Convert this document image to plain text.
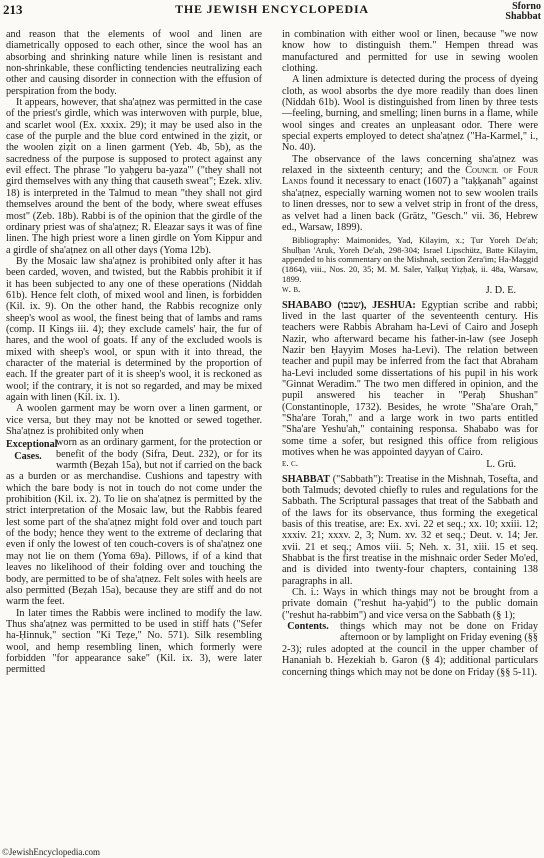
213	THE JEWISH ENCYCLOPEDIA	Sforno
Shabbat

and reason that the elements of wool and linen are diametrically opposed to each other, since the wool has an absorbing and shrinking nature while linen is resistant and non-shrinkable, these conflicting tendencies neutralizing each other and causing disorder in connection with the effusion of perspiration from the body.

It appears, however, that sha'aṭnez was permitted in the case of the priest's girdle, which was interwoven with purple, blue, and scarlet wool (Ex. xxxix. 29); it may be used also in the case of the purple and the blue cord entwined in the ẓiẓit, or the woolen ẓiẓit on a linen garment (Yeb. 4b, 5b), as the sacredness of the purpose is supposed to protect against any evil effect. The phrase "lo yaḥgeru ba-yaza'" ("they shall not gird themselves with any thing that causeth sweat"; Ezek. xliv. 18) is interpreted in the Talmud to mean "they shall not gird themselves around the bent of the body, where sweat effuses most" (Zeb. 18b). Rabbi is of the opinion that the girdle of the ordinary priest was of sha'aṭnez; R. Eleazar says it was of fine linen. The high priest wore a linen girdle on Yom Kippur and a girdle of sha'aṭnez on all other days (Yoma 12b).

By the Mosaic law sha'aṭnez is prohibited only after it has been carded, woven, and twisted, but the Rabbis prohibit it if it has been subjected to any one of these operations (Niddah 61b). Hence felt cloth, of mixed wool and linen, is forbidden (Kil. ix. 9). On the other hand, the Rabbis recognize only sheep's wool as wool, the finest being that of lambs and rams (comp. II Kings iii. 4); they exclude camels' hair, the fur of hares, and the wool of goats. If any of the excluded wools is mixed with sheep's wool, or spun with it into thread, the character of the material is determined by the proportion of each. If the greater part of it is sheep's wool, it is reckoned as wool; if the contrary, it is not so regarded, and may be mixed again with linen (Kil. ix. 1).

A woolen garment may be worn over a linen garment, or vice versa, but they may not be knotted or sewed together. Sha'aṭnez is prohibited only when

Exceptional Cases.
worn as an ordinary garment, for the protection or benefit of the body (Sifra, Deut. 232), or for its warmth (Beẓah 15a), but not if carried on the back as a burden or as merchandise. Cushions and tapestry with which the bare body is not in touch do not come under the prohibition (Kil. ix. 2). To lie on sha'aṭnez is permitted by the strict interpretation of the Mosaic law, but the Rabbis feared lest some part of the sha'aṭnez might fold over and touch part of the body; hence they went to the extreme of declaring that even if only the lowest of ten couch-covers is of sha'aṭnez one may not lie on them (Yoma 69a). Pillows, if of a kind that leaves no likelihood of their folding over and touching the body, are permitted to be of sha'aṭnez. Felt soles with heels are also permitted (Beẓah 15a), because they are stiff and do not warm the feet.

In later times the Rabbis were inclined to modify the law. Thus sha'aṭnez was permitted to be used in stiff hats ("Sefer ha-Ḥinnuk," section "Ki Teẓe," No. 571). Silk resembling wool, and hemp resembling linen, which formerly were forbidden "for appearance sake" (Kil. ix. 3), were later permitted

in combination with either wool or linen, because "we now know how to distinguish them." Hempen thread was manufactured and permitted for use in sewing woolen clothing.

A linen admixture is detected during the process of dyeing cloth, as wool absorbs the dye more readily than does linen (Niddah 61b). Wool is distinguished from linen by three tests—feeling, burning, and smelling; linen burns in a flame, while wool singes and creates an unpleasant odor. There were special experts employed to detect sha'aṭnez ("Ha-Karmel," i., No. 40).

The observance of the laws concerning sha'aṭnez was relaxed in the sixteenth century; and the Council of Four Lands found it necessary to enact (1607) a "taḳḳanah" against sha'aṭnez, especially warning women not to sew woolen trails to linen dresses, nor to sew a velvet strip in front of the dress, as velvet had a linen back (Grätz, "Gesch." vii. 36, Hebrew ed., Warsaw, 1899).

Bibliography: Maimonides, Yad, Kilayim, x.; Ṭur Yoreh De'ah; Shulḥan 'Aruk, Yoreh De'ah, 298-304; Israel Lipschütz, Batte Kilayim, appended to his commentary on the Mishnah, section Zera'im; Ha-Maggid (1864), viii., Nos. 20, 35; M. M. Saler, Yalḳuṭ Yiẓḥaḳ, ii. 48a, Warsaw, 1899.

w. b.	J. D. E.

SHABABO (שבבו), JESHUA: Egyptian scribe and rabbi; lived in the last quarter of the seventeenth century. His teachers were Rabbis Abraham ha-Levi of Cairo and Joseph Nazir, who afterward became his father-in-law (see Joseph Nazir ben Ḥayyim Moses ha-Levi). The relation between teacher and pupil may be inferred from the fact that Abraham ha-Levi included some dissertations of his pupil in his work "Ginnat Weradim." The two men differed in opinion, and the pupil answered his teacher in "Peraḥ Shushan" (Constantinople, 1732). Besides, he wrote "Sha'are Orah," "Sha'are Torah," and a large work in two parts entitled "Sha'are Yeshu'ah," containing responsa. Shababo was for some time a sofer, but resigned this office from religious motives when he was appointed dayyan of Cairo.

e. c.	L. Grü.

SHABBAT ("Sabbath"): Treatise in the Mishnah, Tosefta, and both Talmuds; devoted chiefly to rules and regulations for the Sabbath. The Scriptural passages that treat of the Sabbath and of the laws for its observance, thus forming the exegetical basis of this treatise, are: Ex. xvi. 22 et seq.; xx. 10; xxiii. 12; xxxiv. 21; xxxv. 2, 3; Num. xv. 32 et seq.; Deut. v. 14; Jer. xvii. 21 et seq.; Amos viii. 5; Neh. x. 31, xiii. 15 et seq. Shabbat is the first treatise in the mishnaic order Seder Mo'ed, and is divided into twenty-four chapters, containing 138 paragraphs in all.

Ch. i.: Ways in which things may not be brought from a private domain ("reshut ha-yaḥid") to the public domain ("reshut ha-rabbim") and vice versa on the Sabbath (§ 1);

Contents.	things which may not be done on Friday afternoon or by lamplight on Friday evening (§§ 2-3); rules adopted at the council in the upper chamber of Hananiah b. Hezekiah b. Garon (§ 4); additional particulars concerning things which may not be done on Friday (§§ 5-11).

©JewishEncyclopedia.com
